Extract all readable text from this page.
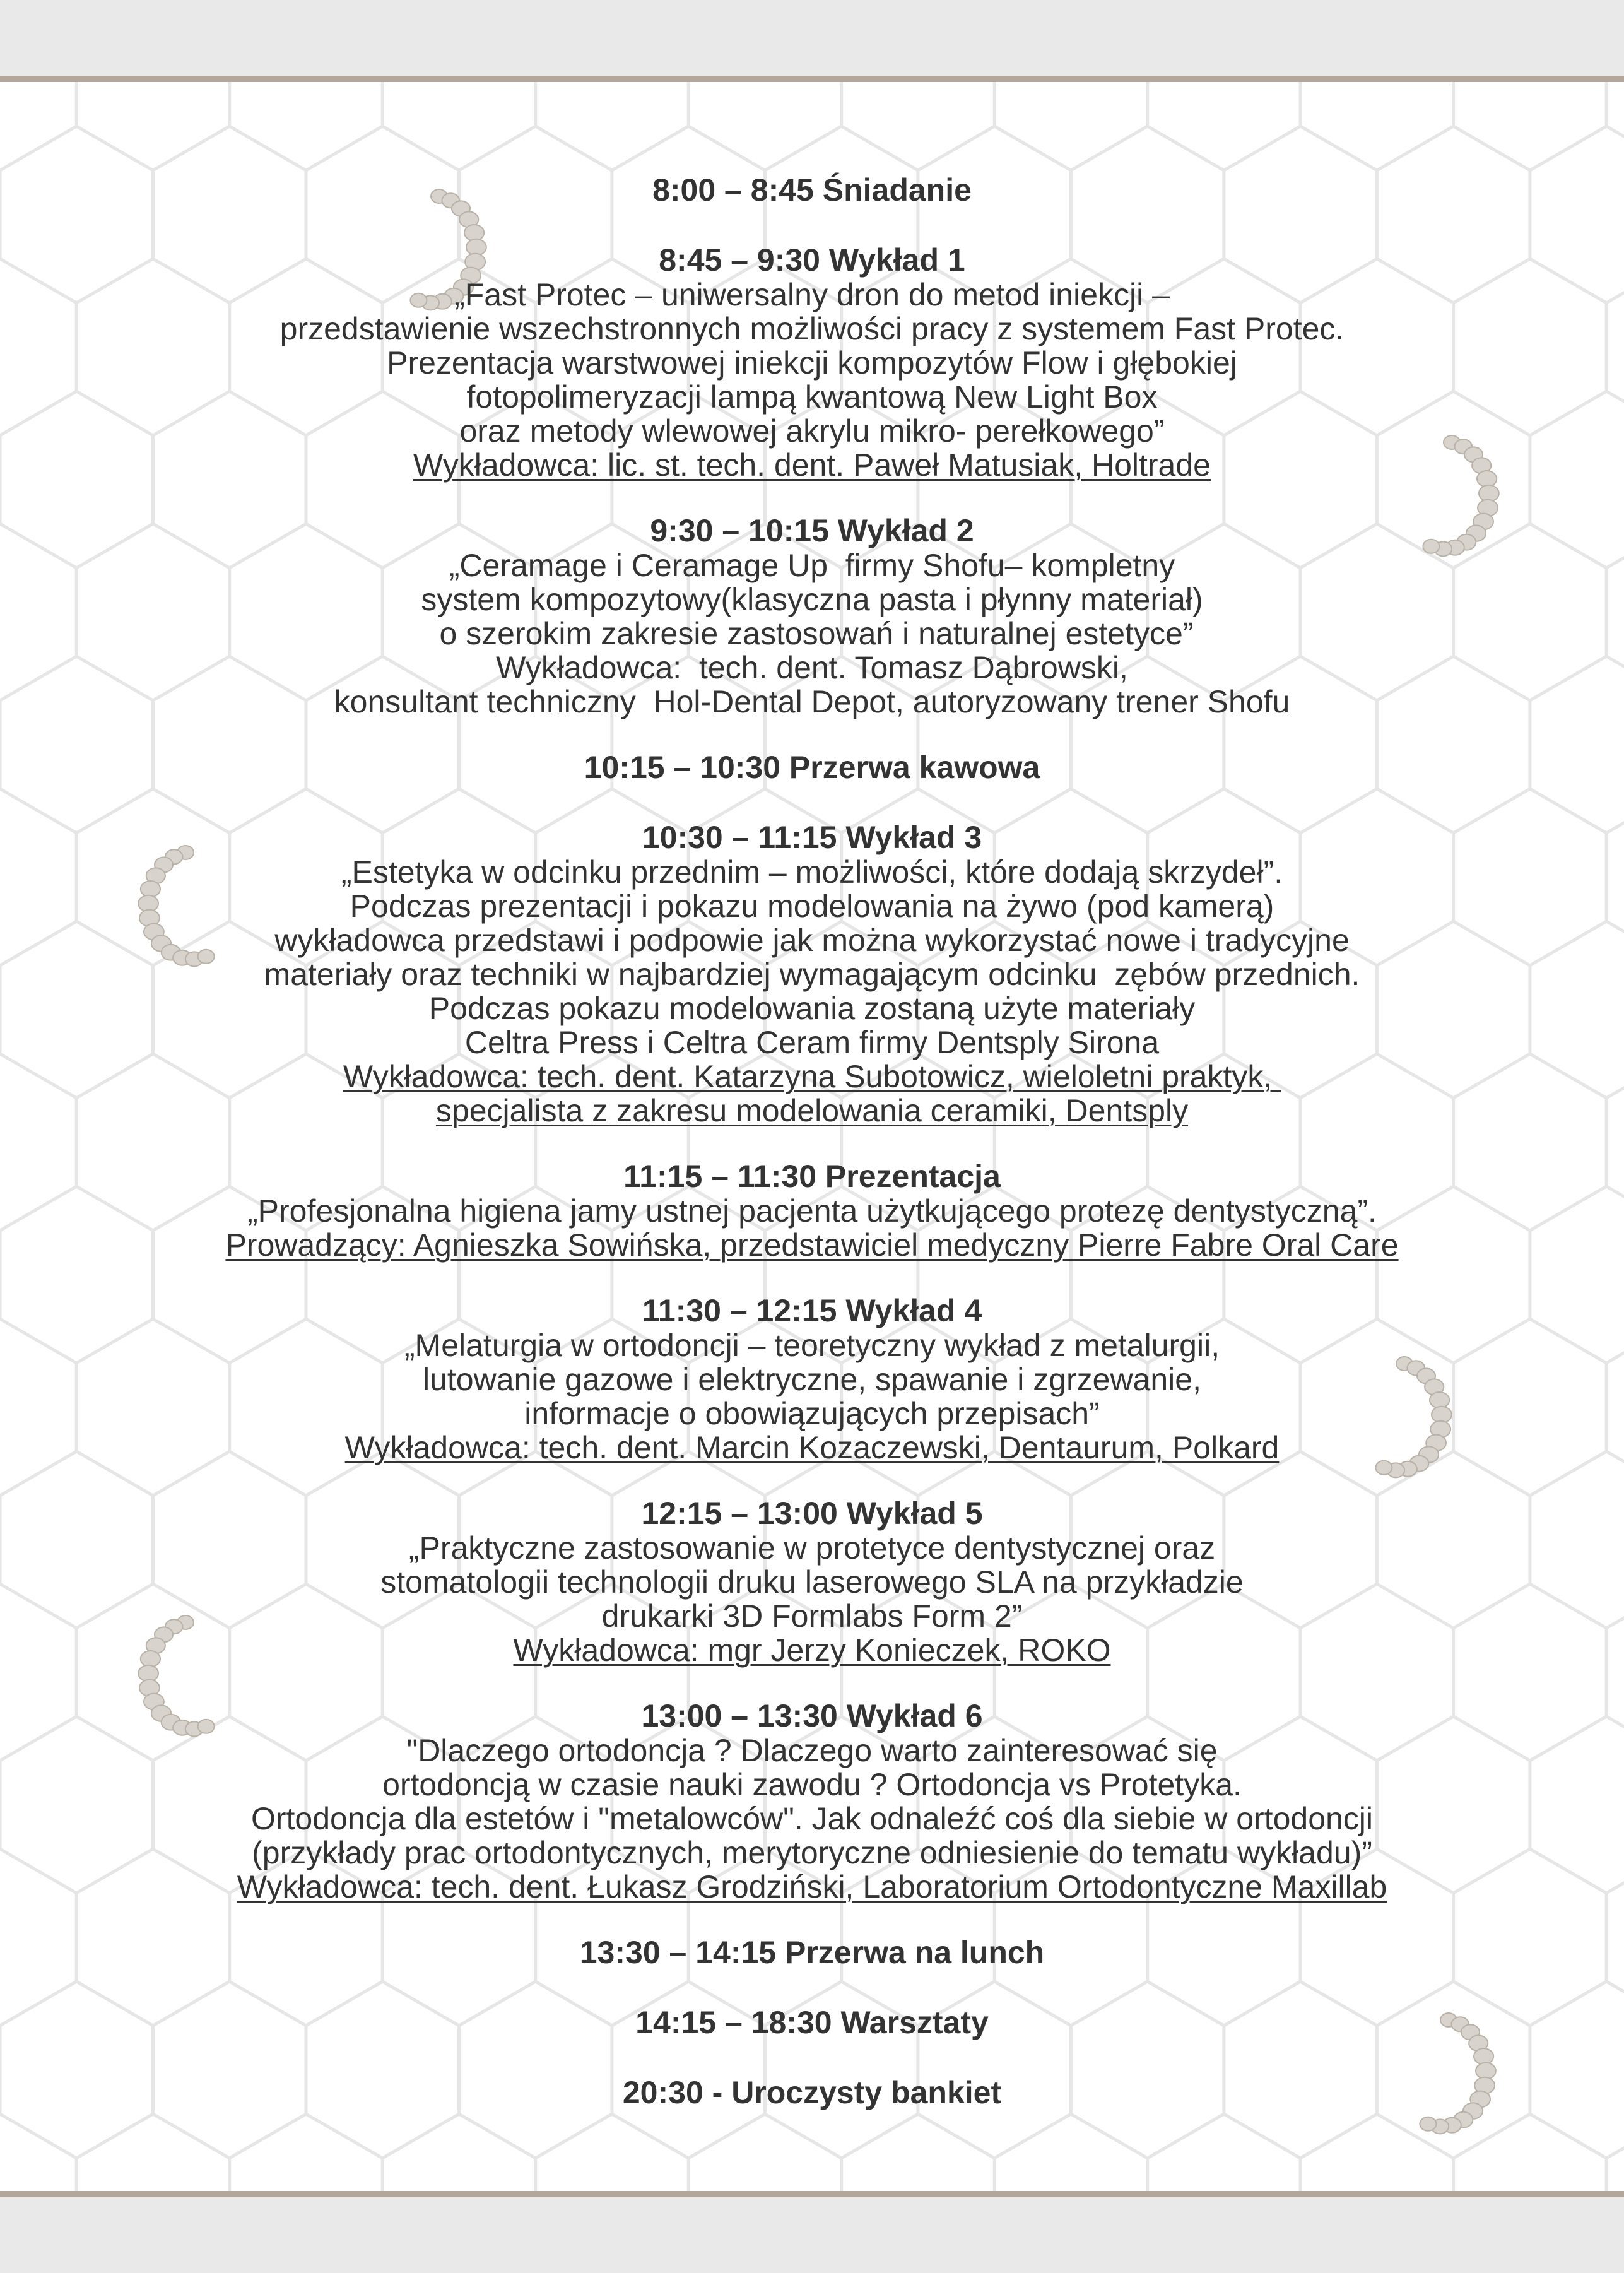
8:00 – 8:45 Śniadanie
8:45 – 9:30 Wykład 1
„Fast Protec – uniwersalny dron do metod iniekcji –
przedstawienie wszechstronnych możliwości pracy z systemem Fast Protec.
Prezentacja warstwowej iniekcji kompozytów Flow i głębokiej
fotopolimeryzacji lampą kwantową New Light Box
oraz metody wlewowej akrylu mikro- perełkowego”
Wykładowca: lic. st. tech. dent. Paweł Matusiak, Holtrade
9:30 – 10:15 Wykład 2
„Ceramage i Ceramage Up  firmy Shofu– kompletny
system kompozytowy(klasyczna pasta i płynny materiał)
o szerokim zakresie zastosowań i naturalnej estetyce”
Wykładowca:  tech. dent. Tomasz Dąbrowski,
konsultant techniczny  Hol-Dental Depot, autoryzowany trener Shofu
10:15 – 10:30 Przerwa kawowa
10:30 – 11:15 Wykład 3
„Estetyka w odcinku przednim – możliwości, które dodają skrzydeł”.
Podczas prezentacji i pokazu modelowania na żywo (pod kamerą)
wykładowca przedstawi i podpowie jak można wykorzystać nowe i tradycyjne
materiały oraz techniki w najbardziej wymagającym odcinku  zębów przednich.
Podczas pokazu modelowania zostaną użyte materiały
Celtra Press i Celtra Ceram firmy Dentsply Sirona
Wykładowca: tech. dent. Katarzyna Subotowicz, wieloletni praktyk,
specjalista z zakresu modelowania ceramiki, Dentsply
11:15 – 11:30 Prezentacja
„Profesjonalna higiena jamy ustnej pacjenta użytkującego protezę dentystyczną”.
Prowadzący: Agnieszka Sowińska, przedstawiciel medyczny Pierre Fabre Oral Care
11:30 – 12:15 Wykład 4
„Melaturgia w ortodoncji – teoretyczny wykład z metalurgii,
lutowanie gazowe i elektryczne, spawanie i zgrzewanie,
informacje o obowiązujących przepisach”
Wykładowca: tech. dent. Marcin Kozaczewski, Dentaurum, Polkard
12:15 – 13:00 Wykład 5
„Praktyczne zastosowanie w protetyce dentystycznej oraz
stomatologii technologii druku laserowego SLA na przykładzie
drukarki 3D Formlabs Form 2”
Wykładowca: mgr Jerzy Konieczek, ROKO
13:00 – 13:30 Wykład 6
"Dlaczego ortodoncja ? Dlaczego warto zainteresować się
ortodoncją w czasie nauki zawodu ? Ortodoncja vs Protetyka.
Ortodoncja dla estetów i "metalowców". Jak odnaleźć coś dla siebie w ortodoncji
(przykłady prac ortodontycznych, merytoryczne odniesienie do tematu wykładu)”
Wykładowca: tech. dent. Łukasz Grodziński, Laboratorium Ortodontyczne Maxillab
13:30 – 14:15 Przerwa na lunch
14:15 – 18:30 Warsztaty
20:30 - Uroczysty bankiet
